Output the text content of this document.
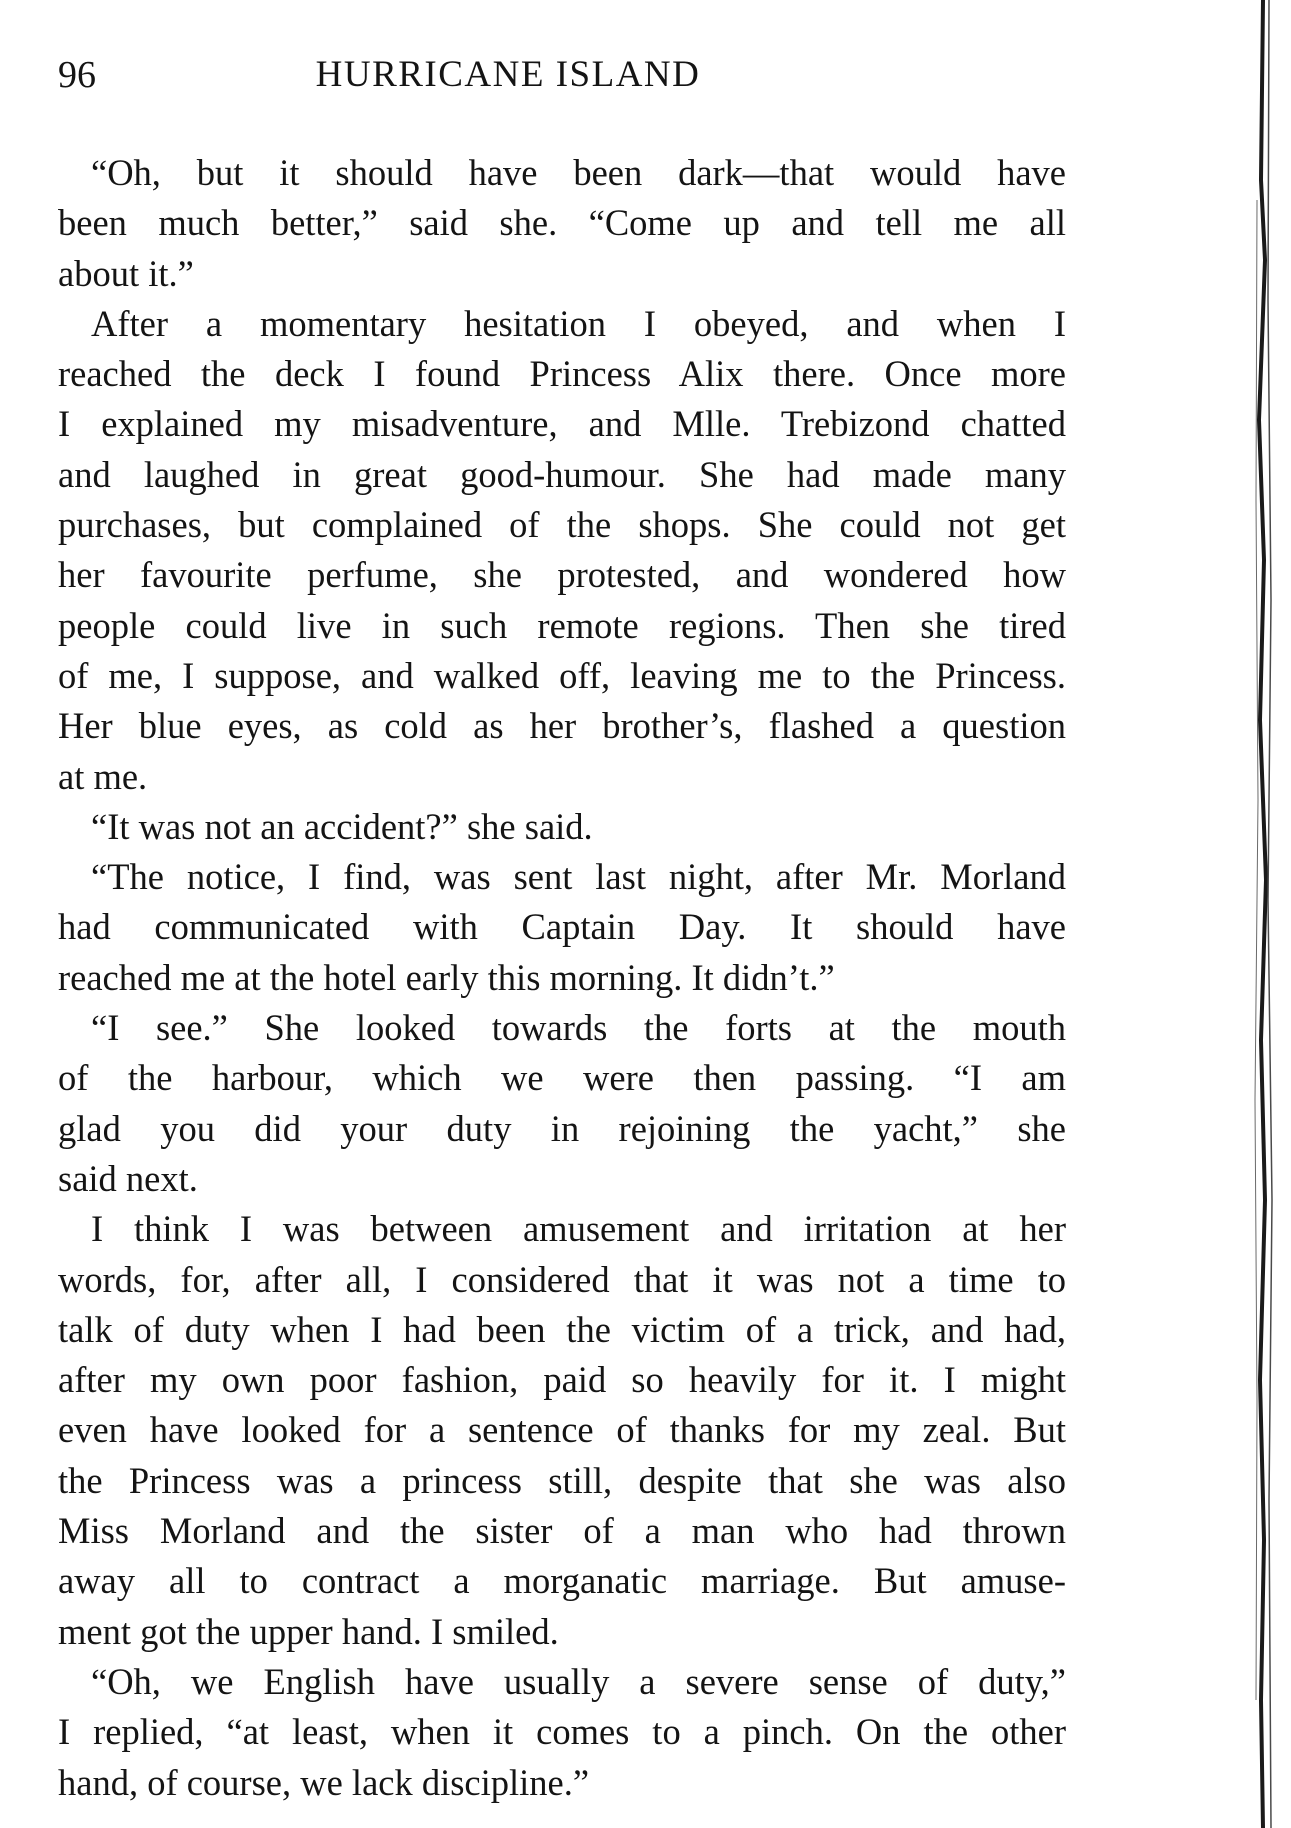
96	HURRICANE ISLAND
“Oh, but it should have been dark—that would have
been much better,” said she. “Come up and tell me all
about it.”
After a momentary hesitation I obeyed, and when I
reached the deck I found Princess Alix there. Once more
I explained my misadventure, and Mlle. Trebizond chatted
and laughed in great good-humour. She had made many
purchases, but complained of the shops. She could not get
her favourite perfume, she protested, and wondered how
people could live in such remote regions. Then she tired
of me, I suppose, and walked off, leaving me to the Princess.
Her blue eyes, as cold as her brother’s, flashed a question
at me.
“It was not an accident?” she said.
“The notice, I find, was sent last night, after Mr. Morland
had communicated with Captain Day. It should have
reached me at the hotel early this morning. It didn’t.”
“I see.” She looked towards the forts at the mouth
of the harbour, which we were then passing. “I am
glad you did your duty in rejoining the yacht,” she
said next.
I think I was between amusement and irritation at her
words, for, after all, I considered that it was not a time to
talk of duty when I had been the victim of a trick, and had,
after my own poor fashion, paid so heavily for it. I might
even have looked for a sentence of thanks for my zeal. But
the Princess was a princess still, despite that she was also
Miss Morland and the sister of a man who had thrown
away all to contract a morganatic marriage. But amuse-
ment got the upper hand. I smiled.
“Oh, we English have usually a severe sense of duty,”
I replied, “at least, when it comes to a pinch. On the other
hand, of course, we lack discipline.”
